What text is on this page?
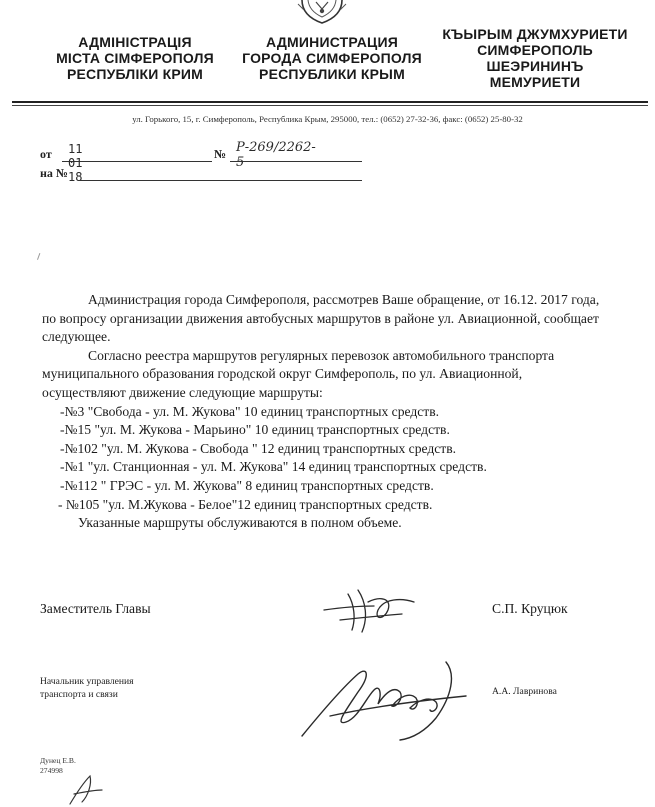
АДМІНІСТРАЦІЯ
МІСТА СІМФЕРОПОЛЯ
РЕСПУБЛІКИ КРИМ
АДМИНИСТРАЦИЯ
ГОРОДА СИМФЕРОПОЛЯ
РЕСПУБЛИКИ КРЫМ
КЪЫРЫМ ДЖУМХУРИЕТИ
СИМФЕРОПОЛЬ
ШЕЭРИНИНЪ
МЕМУРИЕТИ
ул. Горького, 15, г. Симферополь, Республика Крым, 295000, тел.: (0652) 27-32-36, факс: (0652) 25-80-32
от 11 01 18
№ Р-269/2262-5
на №

Администрация города Симферополя, рассмотрев Ваше обращение, от 16.12. 2017 года, по вопросу организации движения автобусных маршрутов в районе ул. Авиационной, сообщает следующее.

Согласно реестра маршрутов регулярных перевозок автомобильного транспорта муниципального образования городской округ Симферополь, по ул. Авиационной, осуществляют движение следующие маршруты:

-№3 "Свобода - ул. М. Жукова" 10 единиц транспортных средств.

-№15 "ул. М. Жукова - Марьино" 10 единиц транспортных средств.

-№102 "ул. М. Жукова - Свобода " 12 единиц транспортных средств.

-№1 "ул. Станционная - ул. М. Жукова" 14 единиц транспортных средств.

-№112 " ГРЭС - ул. М. Жукова" 8 единиц транспортных средств.

- №105 "ул. М.Жукова - Белое"12 единиц транспортных средств.

Указанные маршруты обслуживаются в полном объеме.

Заместитель Главы	С.П. Круцюк
Начальник управления
транспорта и связи	А.А. Лавринова
Дунец Е.В.
274998
